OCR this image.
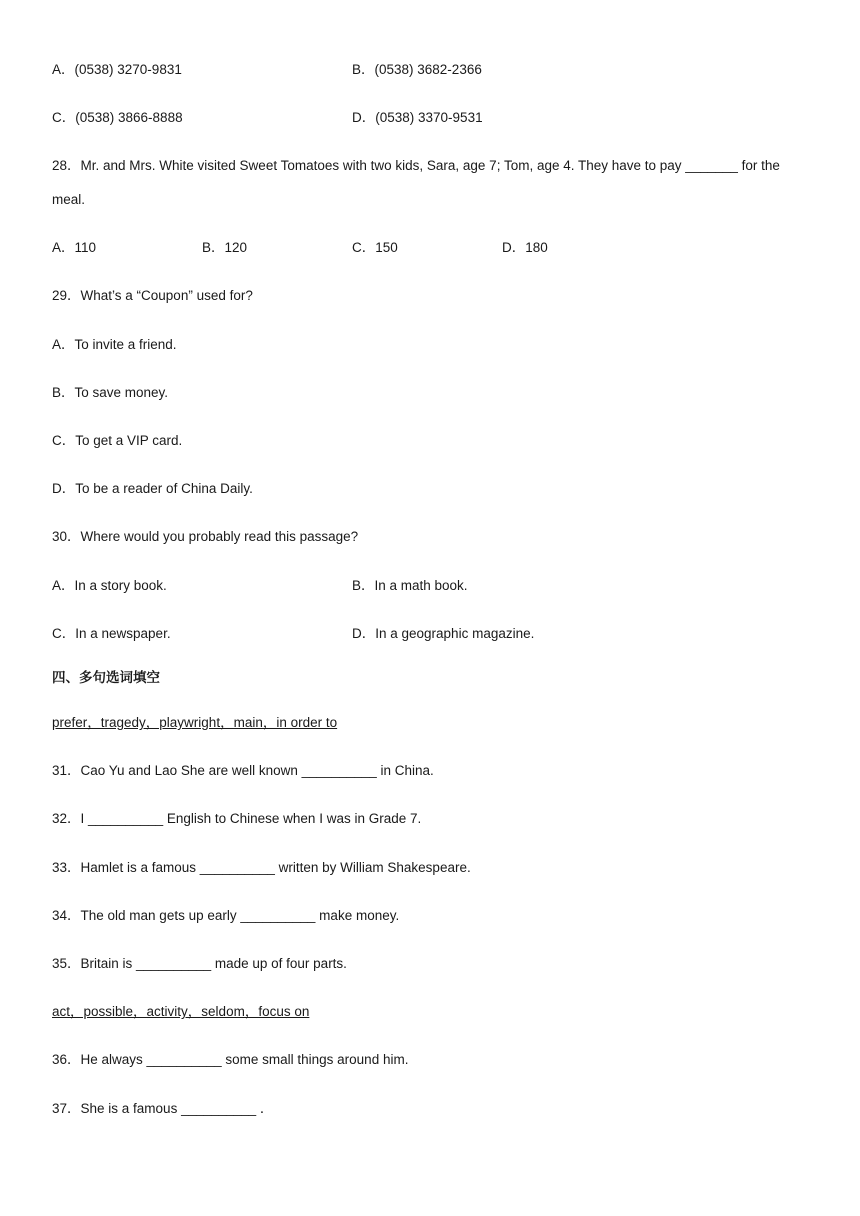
A．(0538) 3270-9831	B．(0538) 3682-2366
C．(0538) 3866-8888	D．(0538) 3370-9531
28．Mr. and Mrs. White visited Sweet Tomatoes with two kids, Sara, age 7; Tom, age 4. They have to pay _______ for the meal.
A．110	B．120	C．150	D．180
29．What’s a “Coupon” used for?
A．To invite a friend.
B．To save money.
C．To get a VIP card.
D．To be a reader of China Daily.
30．Where would you probably read this passage?
A．In a story book.	B．In a math book.
C．In a newspaper.	D．In a geographic magazine.
四、多句选词填空
prefer，tragedy，playwright，main，in order to
31．Cao Yu and Lao She are well known __________ in China.
32．I __________ English to Chinese when I was in Grade 7.
33．Hamlet is a famous __________ written by William Shakespeare.
34．The old man gets up early __________ make money.
35．Britain is __________ made up of four parts.
act，possible，activity，seldom，focus on
36．He always __________ some small things around him.
37．She is a famous __________ ．
